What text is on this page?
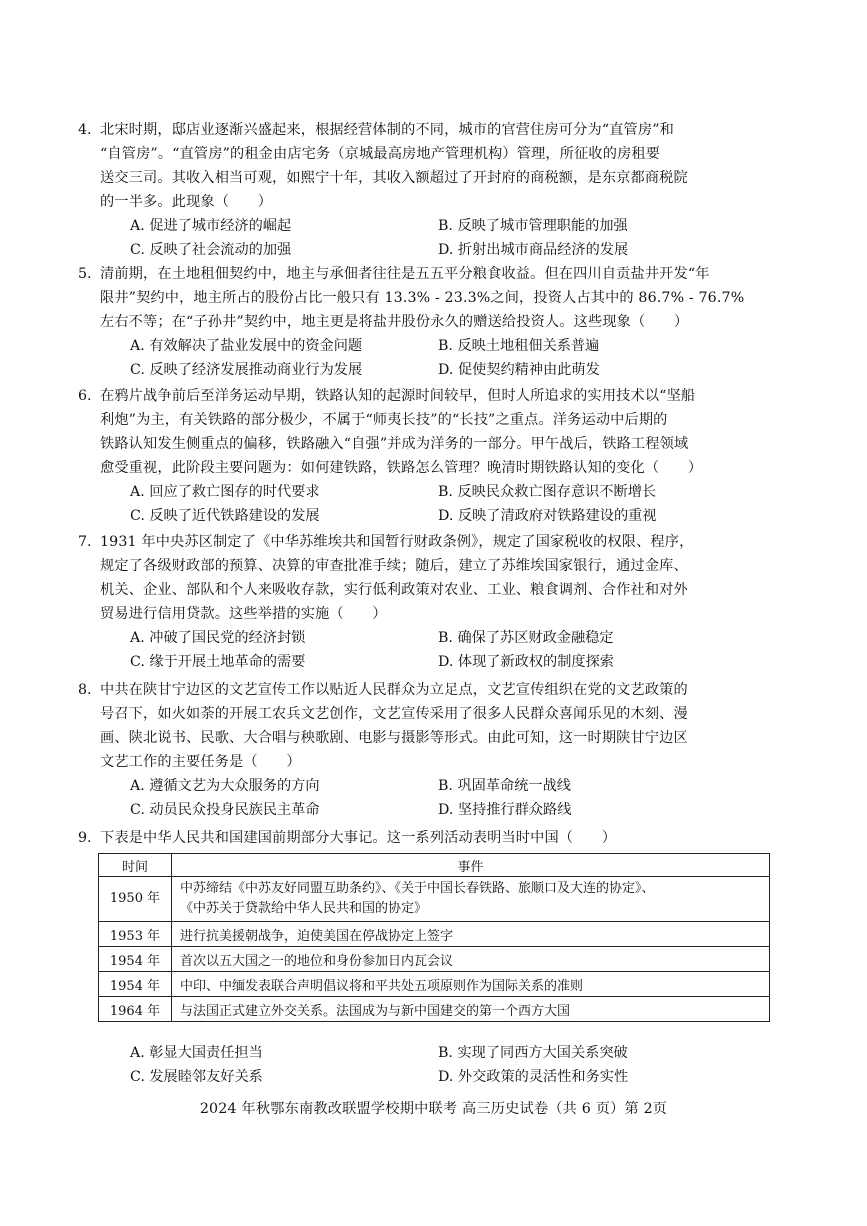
4. 北宋时期，邸店业逐渐兴盛起来，根据经营体制的不同，城市的官营住房可分为“直管房”和
“自管房”。“直管房”的租金由店宅务（京城最高房地产管理机构）管理，所征收的房租要
送交三司。其收入相当可观，如熙宁十年，其收入额超过了开封府的商税额，是东京都商税院
的一半多。此现象（　　）
A. 促进了城市经济的崛起	B. 反映了城市管理职能的加强
C. 反映了社会流动的加强	D. 折射出城市商品经济的发展
5. 清前期，在土地租佃契约中，地主与承佃者往往是五五平分粮食收益。但在四川自贡盐井开发“年
限井”契约中，地主所占的股份占比一般只有 13.3% - 23.3%之间，投资人占其中的 86.7% - 76.7%
左右不等；在“子孙井”契约中，地主更是将盐井股份永久的赠送给投资人。这些现象（　　）
A. 有效解决了盐业发展中的资金问题	B. 反映土地租佃关系普遍
C. 反映了经济发展推动商业行为发展	D. 促使契约精神由此萌发
6. 在鸦片战争前后至洋务运动早期，铁路认知的起源时间较早，但时人所追求的实用技术以“坚船
利炮”为主，有关铁路的部分极少，不属于“师夷长技”的“长技”之重点。洋务运动中后期的
铁路认知发生侧重点的偏移，铁路融入“自强”并成为洋务的一部分。甲午战后，铁路工程领域
愈受重视，此阶段主要问题为：如何建铁路，铁路怎么管理？晚清时期铁路认知的变化（　　）
A. 回应了救亡图存的时代要求	B. 反映民众救亡图存意识不断增长
C. 反映了近代铁路建设的发展	D. 反映了清政府对铁路建设的重视
7. 1931 年中央苏区制定了《中华苏维埃共和国暂行财政条例》，规定了国家税收的权限、程序，
规定了各级财政部的预算、决算的审查批准手续；随后，建立了苏维埃国家银行，通过金库、
机关、企业、部队和个人来吸收存款，实行低利政策对农业、工业、粮食调剂、合作社和对外
贸易进行信用贷款。这些举措的实施（　　）
A. 冲破了国民党的经济封锁	B. 确保了苏区财政金融稳定
C. 缘于开展土地革命的需要	D. 体现了新政权的制度探索
8. 中共在陕甘宁边区的文艺宣传工作以贴近人民群众为立足点，文艺宣传组织在党的文艺政策的
号召下，如火如荼的开展工农兵文艺创作，文艺宣传采用了很多人民群众喜闻乐见的木刻、漫
画、陕北说书、民歌、大合唱与秧歌剧、电影与摄影等形式。由此可知，这一时期陕甘宁边区
文艺工作的主要任务是（　　）
A. 遵循文艺为大众服务的方向	B. 巩固革命统一战线
C. 动员民众投身民族民主革命	D. 坚持推行群众路线
9. 下表是中华人民共和国建国前期部分大事记。这一系列活动表明当时中国（　　）
时间	事件
1950 年	中苏缔结《中苏友好同盟互助条约》、《关于中国长春铁路、旅顺口及大连的协定》、
《中苏关于贷款给中华人民共和国的协定》

1953 年	进行抗美援朝战争，迫使美国在停战协定上签字
1954 年	首次以五大国之一的地位和身份参加日内瓦会议
1954 年	中印、中缅发表联合声明倡议将和平共处五项原则作为国际关系的准则
1964 年	与法国正式建立外交关系。法国成为与新中国建交的第一个西方大国
A. 彰显大国责任担当	B. 实现了同西方大国关系突破
C. 发展睦邻友好关系	D. 外交政策的灵活性和务实性
2024 年秋鄂东南教改联盟学校期中联考 高三历史试卷（共 6 页）第 2页
